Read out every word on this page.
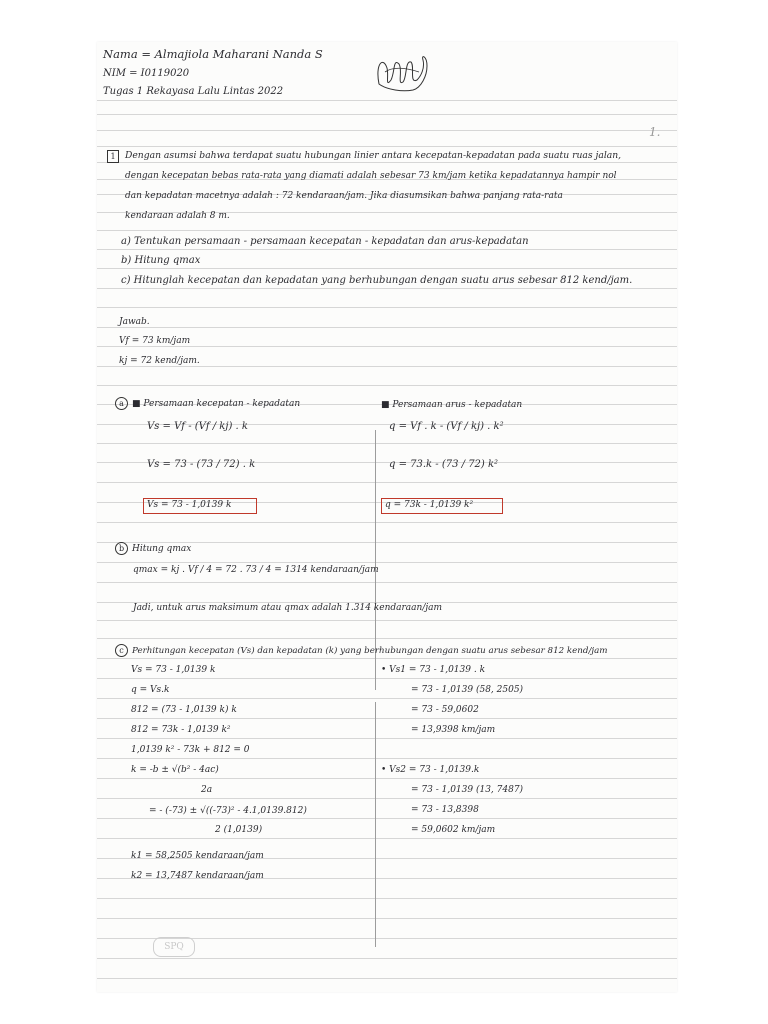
Nama = Almajiola Maharani Nanda S
NIM = I0119020
Tugas 1 Rekayasa Lalu Lintas 2022
1.
1	Dengan asumsi bahwa terdapat suatu hubungan linier antara kecepatan-kepadatan pada suatu ruas jalan,
dengan kecepatan bebas rata-rata yang diamati adalah sebesar 73 km/jam ketika kepadatannya hampir nol
dan kepadatan macetnya adalah : 72 kendaraan/jam. Jika diasumsikan bahwa panjang rata-rata
kendaraan adalah 8 m.
a) Tentukan persamaan - persamaan kecepatan - kepadatan dan arus-kepadatan
b) Hitung qmax
c) Hitunglah kecepatan dan kepadatan yang berhubungan dengan suatu arus sebesar 812 kend/jam.
Jawab.
Vf = 73 km/jam
kj = 72 kend/jam.
a ■ Persamaan kecepatan - kepadatan
Vs = Vf - (Vf / kj) . k
Vs = 73 - (73 / 72) . k
Vs = 73 - 1,0139 k
■ Persamaan arus - kepadatan
q = Vf . k - (Vf / kj) . k²
q = 73.k - (73 / 72) k²
q = 73k - 1,0139 k²
b Hitung qmax
qmax = kj . Vf / 4 = 72 . 73 / 4 = 1314 kendaraan/jam
Jadi, untuk arus maksimum atau qmax adalah 1.314 kendaraan/jam
c Perhitungan kecepatan (Vs) dan kepadatan (k) yang berhubungan dengan suatu arus sebesar 812 kend/jam
Vs = 73 - 1,0139 k
q = Vs.k
812 = (73 - 1,0139 k) k
812 = 73k - 1,0139 k²
1,0139 k² - 73k + 812 = 0
k = -b ± √(b² - 4ac)
2a
= - (-73) ± √((-73)² - 4.1,0139.812)
2 (1,0139)
k1 = 58,2505 kendaraan/jam
k2 = 13,7487 kendaraan/jam
• Vs1 = 73 - 1,0139 . k
= 73 - 1,0139 (58, 2505)
= 73 - 59,0602
= 13,9398 km/jam
• Vs2 = 73 - 1,0139.k
= 73 - 1,0139 (13, 7487)
= 73 - 13,8398
= 59,0602 km/jam
SPQ
